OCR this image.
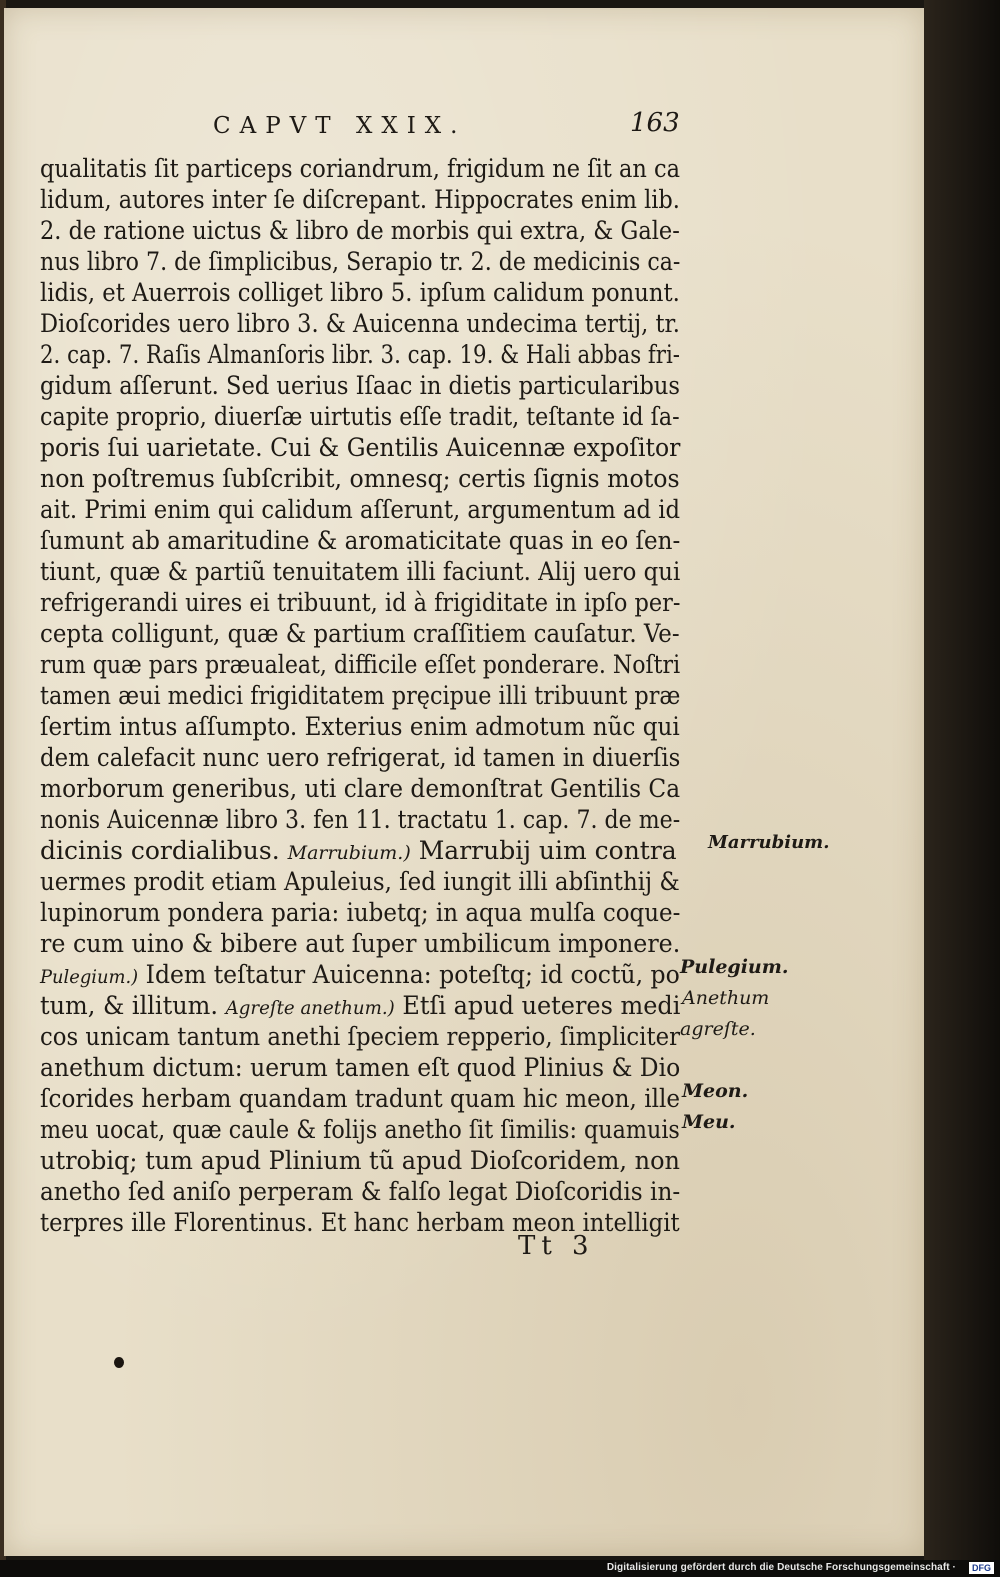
CAPVT XXIX.	163
qualitatis ſit particeps coriandrum, frigidum ne ſit an ca
lidum, autores inter ſe diſcrepant. Hippocrates enim lib.
2. de ratione uictus & libro de morbis qui extra, & Gale-
nus libro 7. de ſimplicibus, Serapio tr. 2. de medicinis ca-
lidis, et Auerrois colliget libro 5. ipſum calidum ponunt.
Dioſcorides uero libro 3. & Auicenna undecima tertij, tr.
2. cap. 7. Raſis Almanſoris libr. 3. cap. 19. & Hali abbas fri-
gidum aſſerunt. Sed uerius Iſaac in dietis particularibus
capite proprio, diuerſæ uirtutis eſſe tradit, teſtante id ſa-
poris ſui uarietate. Cui & Gentilis Auicennæ expoſitor
non poſtremus ſubſcribit, omnesq; certis ſignis motos
ait. Primi enim qui calidum aſſerunt, argumentum ad id
ſumunt ab amaritudine & aromaticitate quas in eo ſen-
tiunt, quæ & partiũ tenuitatem illi faciunt. Alij uero qui
refrigerandi uires ei tribuunt, id à frigiditate in ipſo per-
cepta colligunt, quæ & partium craſſitiem cauſatur. Ve-
rum quæ pars præualeat, difficile eſſet ponderare. Noſtri
tamen æui medici frigiditatem pręcipue illi tribuunt præ
ſertim intus aſſumpto. Exterius enim admotum nũc qui
dem calefacit nunc uero refrigerat, id tamen in diuerſis
morborum generibus, uti clare demonſtrat Gentilis Ca
nonis Auicennæ libro 3. fen 11. tractatu 1. cap. 7. de me-
dicinis cordialibus. Marrubium.) Marrubij uim contra
uermes prodit etiam Apuleius, ſed iungit illi abſinthij &
lupinorum pondera paria: iubetq; in aqua mulſa coque-
re cum uino & bibere aut ſuper umbilicum imponere.
Pulegium.) Idem teſtatur Auicenna: poteſtq; id coctũ, po
tum, & illitum. Agreſte anethum.) Etſi apud ueteres medi
cos unicam tantum anethi ſpeciem repperio, ſimpliciter
anethum dictum: uerum tamen eſt quod Plinius & Dio
ſcorides herbam quandam tradunt quam hic meon, ille
meu uocat, quæ caule & folijs anetho ſit ſimilis: quamuis
utrobiq; tum apud Plinium tũ apud Dioſcoridem, non
anetho ſed aniſo perperam & falſo legat Dioſcoridis in-
terpres ille Florentinus. Et hanc herbam meon intelligit
Marrubium.
Pulegium.
Anethum
agreſte.
Meon.
Meu.
Tt 3
Digitalisierung gefördert durch die Deutsche Forschungsgemeinschaft ·	DFG
